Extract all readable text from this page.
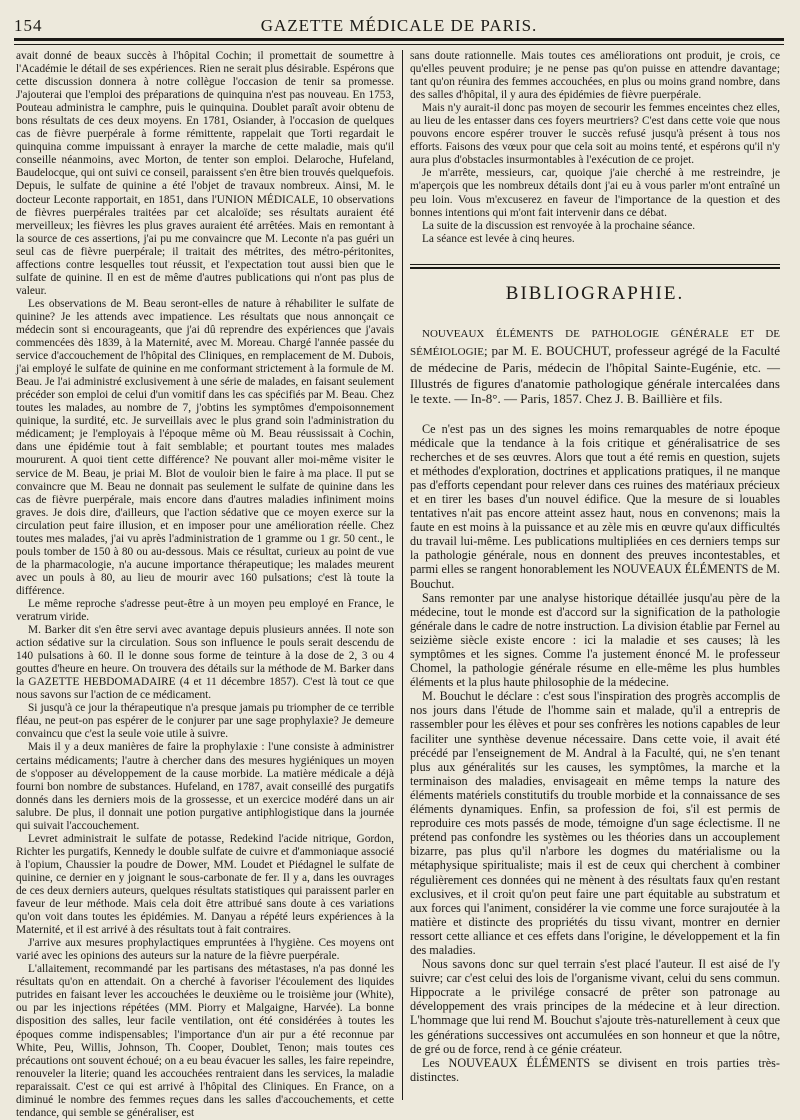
154	GAZETTE MÉDICALE DE PARIS.

avait donné de beaux succès à l'hôpital Cochin; il promettait de soumettre à l'Académie le détail de ses expériences. Rien ne serait plus désirable. Espérons que cette discussion donnera à notre collègue l'occasion de tenir sa promesse. J'ajouterai que l'emploi des préparations de quinquina n'est pas nouveau. En 1753, Pouteau administra le camphre, puis le quinquina. Doublet paraît avoir obtenu de bons résultats de ces deux moyens. En 1781, Osiander, à l'occasion de quelques cas de fièvre puerpérale à forme rémittente, rappelait que Torti regardait le quinquina comme impuissant à enrayer la marche de cette maladie, mais qu'il conseille néanmoins, avec Morton, de tenter son emploi. Delaroche, Hufeland, Baudelocque, qui ont suivi ce conseil, paraissent s'en être bien trouvés quelquefois. Depuis, le sulfate de quinine a été l'objet de travaux nombreux. Ainsi, M. le docteur Leconte rapportait, en 1851, dans l'UNION MÉDICALE, 10 observations de fièvres puerpérales traitées par cet alcaloïde; ses résultats auraient été merveilleux; les fièvres les plus graves auraient été arrêtées. Mais en remontant à la source de ces assertions, j'ai pu me convaincre que M. Leconte n'a pas guéri un seul cas de fièvre puerpérale; il traitait des métrites, des métro-péritonites, affections contre lesquelles tout réussit, et l'expectation tout aussi bien que le sulfate de quinine. Il en est de même d'autres publications qui n'ont pas plus de valeur.

Les observations de M. Beau seront-elles de nature à réhabiliter le sulfate de quinine? Je les attends avec impatience. Les résultats que nous annonçait ce médecin sont si encourageants, que j'ai dû reprendre des expériences que j'avais commencées dès 1839, à la Maternité, avec M. Moreau. Chargé l'année passée du service d'accouchement de l'hôpital des Cliniques, en remplacement de M. Dubois, j'ai employé le sulfate de quinine en me conformant strictement à la formule de M. Beau. Je l'ai administré exclusivement à une série de malades, en faisant seulement précéder son emploi de celui d'un vomitif dans les cas spécifiés par M. Beau. Chez toutes les malades, au nombre de 7, j'obtins les symptômes d'empoisonnement quinique, la surdité, etc. Je surveillais avec le plus grand soin l'administration du médicament; je l'employais à l'époque même où M. Beau réussissait à Cochin, dans une épidémie tout à fait semblable; et pourtant toutes mes malades moururent. A quoi tient cette différence? Ne pouvant aller moi-même visiter le service de M. Beau, je priai M. Blot de vouloir bien le faire à ma place. Il put se convaincre que M. Beau ne donnait pas seulement le sulfate de quinine dans les cas de fièvre puerpérale, mais encore dans d'autres maladies infiniment moins graves. Je dois dire, d'ailleurs, que l'action sédative que ce moyen exerce sur la circulation peut faire illusion, et en imposer pour une amélioration réelle. Chez toutes mes malades, j'ai vu après l'administration de 1 gramme ou 1 gr. 50 cent., le pouls tomber de 150 à 80 ou au-dessous. Mais ce résultat, curieux au point de vue de la pharmacologie, n'a aucune importance thérapeutique; les malades meurent avec un pouls à 80, au lieu de mourir avec 160 pulsations; c'est là toute la différence.

Le même reproche s'adresse peut-être à un moyen peu employé en France, le veratrum viride.

M. Barker dit s'en être servi avec avantage depuis plusieurs années. Il note son action sédative sur la circulation. Sous son influence le pouls serait descendu de 140 pulsations à 60. Il le donne sous forme de teinture à la dose de 2, 3 ou 4 gouttes d'heure en heure. On trouvera des détails sur la méthode de M. Barker dans la GAZETTE HEBDOMADAIRE (4 et 11 décembre 1857). C'est là tout ce que nous savons sur l'action de ce médicament.

Si jusqu'à ce jour la thérapeutique n'a presque jamais pu triompher de ce terrible fléau, ne peut-on pas espérer de le conjurer par une sage prophylaxie? Je demeure convaincu que c'est la seule voie utile à suivre.

Mais il y a deux manières de faire la prophylaxie : l'une consiste à administrer certains médicaments; l'autre à chercher dans des mesures hygiéniques un moyen de s'opposer au développement de la cause morbide. La matière médicale a déjà fourni bon nombre de substances. Hufeland, en 1787, avait conseillé des purgatifs donnés dans les derniers mois de la grossesse, et un exercice modéré dans un air salubre. De plus, il donnait une potion purgative antiphlogistique dans la journée qui suivait l'accouchement.

Levret administrait le sulfate de potasse, Redekind l'acide nitrique, Gordon, Richter les purgatifs, Kennedy le double sulfate de cuivre et d'ammoniaque associé à l'opium, Chaussier la poudre de Dower, MM. Loudet et Piédagnel le sulfate de quinine, ce dernier en y joignant le sous-carbonate de fer. Il y a, dans les ouvrages de ces deux derniers auteurs, quelques résultats statistiques qui paraissent parler en faveur de leur méthode. Mais cela doit être attribué sans doute à ces variations qu'on voit dans toutes les épidémies. M. Danyau a répété leurs expériences à la Maternité, et il est arrivé à des résultats tout à fait contraires.

J'arrive aux mesures prophylactiques empruntées à l'hygiène. Ces moyens ont varié avec les opinions des auteurs sur la nature de la fièvre puerpérale.

L'allaitement, recommandé par les partisans des métastases, n'a pas donné les résultats qu'on en attendait. On a cherché à favoriser l'écoulement des liquides putrides en faisant lever les accouchées le deuxième ou le troisième jour (White), ou par les injections répétées (MM. Piorry et Malgaigne, Harvée). La bonne disposition des salles, leur facile ventilation, ont été considérées à toutes les époques comme indispensables; l'importance d'un air pur a été reconnue par White, Peu, Willis, Johnson, Th. Cooper, Doublet, Tenon; mais toutes ces précautions ont souvent échoué; on a eu beau évacuer les salles, les faire repeindre, renouveler la literie; quand les accouchées rentraient dans les services, la maladie reparaissait. C'est ce qui est arrivé à l'hôpital des Cliniques. En France, on a diminué le nombre des femmes reçues dans les salles d'accouchements, et cette tendance, qui semble se généraliser, est

sans doute rationnelle. Mais toutes ces améliorations ont produit, je crois, ce qu'elles peuvent produire; je ne pense pas qu'on puisse en attendre davantage; tant qu'on réunira des femmes accouchées, en plus ou moins grand nombre, dans des salles d'hôpital, il y aura des épidémies de fièvre puerpérale.

Mais n'y aurait-il donc pas moyen de secourir les femmes enceintes chez elles, au lieu de les entasser dans ces foyers meurtriers? C'est dans cette voie que nous pouvons encore espérer trouver le succès refusé jusqu'à présent à tous nos efforts. Faisons des vœux pour que cela soit au moins tenté, et espérons qu'il n'y aura plus d'obstacles insurmontables à l'exécution de ce projet.

Je m'arrête, messieurs, car, quoique j'aie cherché à me restreindre, je m'aperçois que les nombreux détails dont j'ai eu à vous parler m'ont entraîné un peu loin. Vous m'excuserez en faveur de l'importance de la question et des bonnes intentions qui m'ont fait intervenir dans ce débat.

La suite de la discussion est renvoyée à la prochaine séance.

La séance est levée à cinq heures.

BIBLIOGRAPHIE.
NOUVEAUX ÉLÉMENTS DE PATHOLOGIE GÉNÉRALE ET DE SÉMÉIOLOGIE; par M. E. BOUCHUT, professeur agrégé de la Faculté de médecine de Paris, médecin de l'hôpital Sainte-Eugénie, etc. — Illustrés de figures d'anatomie pathologique générale intercalées dans le texte. — In-8°. — Paris, 1857. Chez J. B. Baillière et fils.

Ce n'est pas un des signes les moins remarquables de notre époque médicale que la tendance à la fois critique et généralisatrice de ses recherches et de ses œuvres. Alors que tout a été remis en question, sujets et méthodes d'exploration, doctrines et applications pratiques, il ne manque pas d'efforts cependant pour relever dans ces ruines des matériaux précieux et en tirer les bases d'un nouvel édifice. Que la mesure de si louables tentatives n'ait pas encore atteint assez haut, nous en convenons; mais la faute en est moins à la puissance et au zèle mis en œuvre qu'aux difficultés du travail lui-même. Les publications multipliées en ces derniers temps sur la pathologie générale, nous en donnent des preuves incontestables, et parmi elles se rangent honorablement les NOUVEAUX ÉLÉMENTS de M. Bouchut.

Sans remonter par une analyse historique détaillée jusqu'au père de la médecine, tout le monde est d'accord sur la signification de la pathologie générale dans le cadre de notre instruction. La division établie par Fernel au seizième siècle existe encore : ici la maladie et ses causes; là les symptômes et les signes. Comme l'a justement énoncé M. le professeur Chomel, la pathologie générale résume en elle-même les plus humbles éléments et la plus haute philosophie de la médecine.

M. Bouchut le déclare : c'est sous l'inspiration des progrès accomplis de nos jours dans l'étude de l'homme sain et malade, qu'il a entrepris de rassembler pour les élèves et pour ses confrères les notions capables de leur faciliter une synthèse devenue nécessaire. Dans cette voie, il avait été précédé par l'enseignement de M. Andral à la Faculté, qui, ne s'en tenant plus aux généralités sur les causes, les symptômes, la marche et la terminaison des maladies, envisageait en même temps la nature des éléments matériels constitutifs du trouble morbide et la connaissance de ses éléments dynamiques. Enfin, sa profession de foi, s'il est permis de reproduire ces mots passés de mode, témoigne d'un sage éclectisme. Il ne prétend pas confondre les systèmes ou les théories dans un accouplement bizarre, pas plus qu'il n'arbore les dogmes du matérialisme ou la métaphysique spiritualiste; mais il est de ceux qui cherchent à combiner régulièrement ces données qui ne mènent à des résultats faux qu'en restant exclusives, et il croit qu'on peut faire une part équitable au substratum et aux forces qui l'animent, considérer la vie comme une force surajoutée à la matière et distincte des propriétés du tissu vivant, montrer en dernier ressort cette alliance et ces effets dans l'origine, le développement et la fin des maladies.

Nous savons donc sur quel terrain s'est placé l'auteur. Il est aisé de l'y suivre; car c'est celui des lois de l'organisme vivant, celui du sens commun. Hippocrate a le privilége consacré de prêter son patronage au développement des vrais principes de la médecine et à leur direction. L'hommage que lui rend M. Bouchut s'ajoute très-naturellement à ceux que les générations successives ont accumulées en son honneur et que la nôtre, de gré ou de force, rend à ce génie créateur.

Les NOUVEAUX ÉLÉMENTS se divisent en trois parties très-distinctes.
